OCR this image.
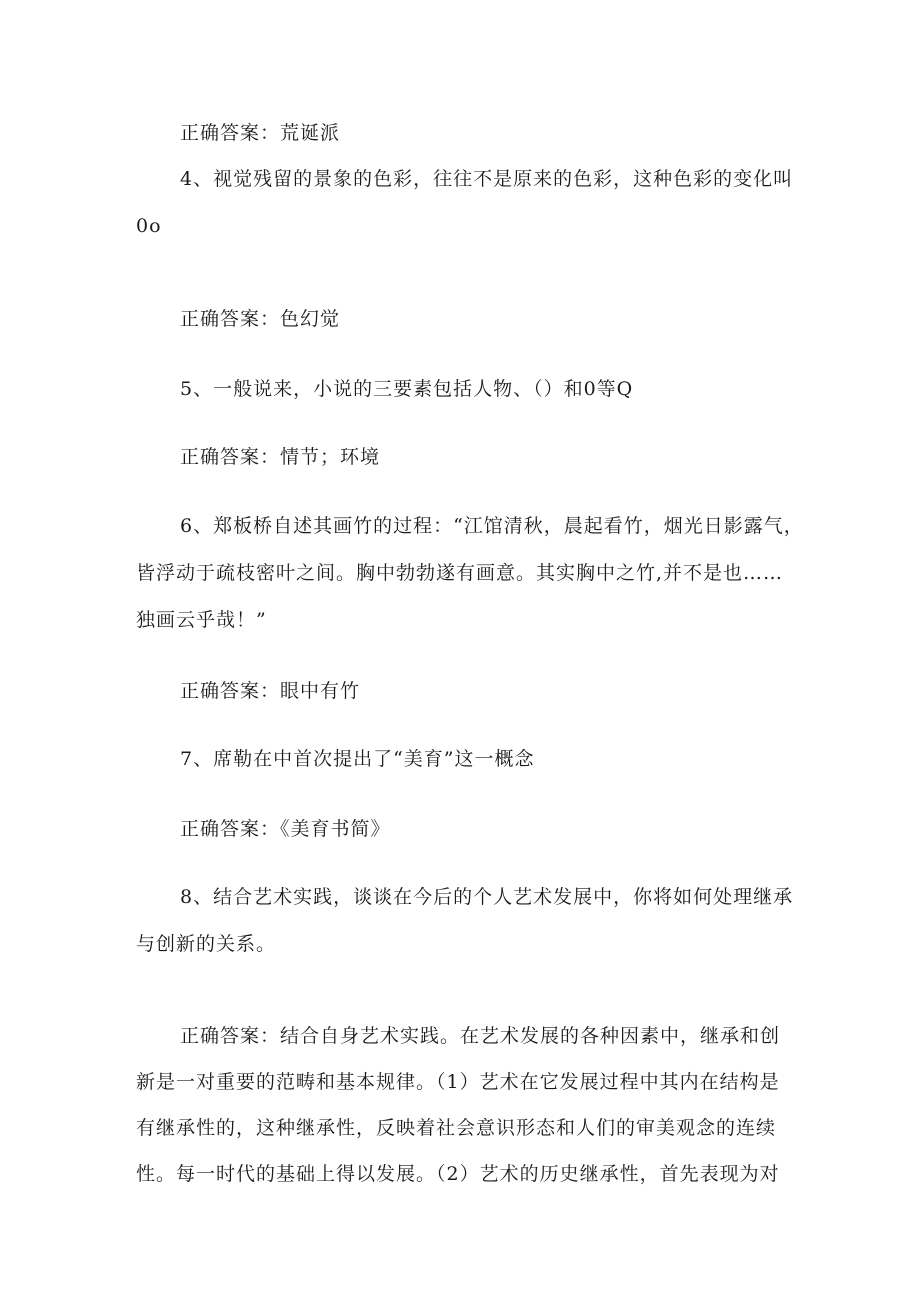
正确答案：荒诞派
4、视觉残留的景象的色彩，往往不是原来的色彩，这种色彩的变化叫
0o
正确答案：色幻觉
5、一般说来，小说的三要素包括人物、（）和0等Q
正确答案：情节；环境
6、郑板桥自述其画竹的过程：“江馆清秋，晨起看竹，烟光日影露气，
皆浮动于疏枝密叶之间。胸中勃勃遂有画意。其实胸中之竹,并不是也……
独画云乎哉！”
正确答案：眼中有竹
7、席勒在中首次提出了“美育”这一概念
正确答案：《美育书简》
8、结合艺术实践，谈谈在今后的个人艺术发展中，你将如何处理继承
与创新的关系。
正确答案：结合自身艺术实践。在艺术发展的各种因素中，继承和创
新是一对重要的范畴和基本规律。（1）艺术在它发展过程中其内在结构是
有继承性的，这种继承性，反映着社会意识形态和人们的审美观念的连续
性。每一时代的基础上得以发展。（2）艺术的历史继承性，首先表现为对
